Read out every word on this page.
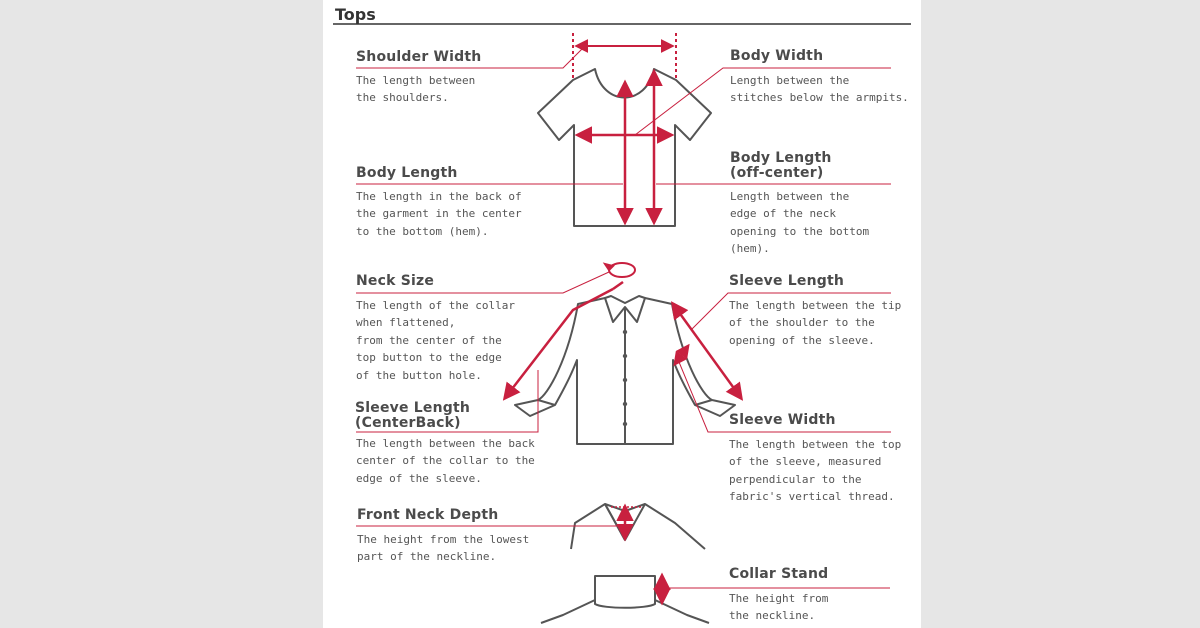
Tops
Shoulder Width
The length between
the shoulders.
Body Length
The length in the back of
the garment in the center
to the bottom (hem).
Neck Size
The length of the collar
when flattened,
from the center of the
top button to the edge
of the button hole.
Sleeve Length
(CenterBack)
The length between the back
center of the collar to the
edge of the sleeve.
Front Neck Depth
The height from the lowest
part of the neckline.
Body Width
Length between the
stitches below the armpits.
Body Length
(off-center)
Length between the
edge of the neck
opening to the bottom
(hem).
Sleeve Length
The length between the tip
of the shoulder to the
opening of the sleeve.
Sleeve Width
The length between the top
of the sleeve, measured
perpendicular to the
fabric's vertical thread.
Collar Stand
The height from
the neckline.
